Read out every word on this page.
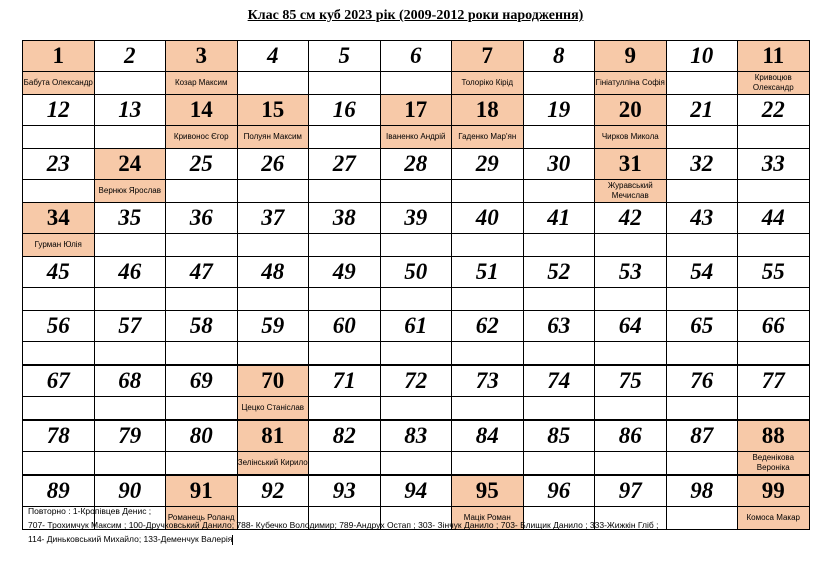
Клас 85 см куб 2023 рік (2009-2012 роки народження)
1	2	3	4	5	6	7	8	9	10	11
Бабута Олександр		Козар Максим				Толоріко Кірід		Гініатулліна Софія		Кривоцюв Олександр
12	13	14	15	16	17	18	19	20	21	22
		Кривонос Єгор	Полуян Максим		Іваненко Андрій	Гаденко Мар'ян		Чирков Микола		
23	24	25	26	27	28	29	30	31	32	33
	Вернюк Ярослав							Журавський Мечислав		
34	35	36	37	38	39	40	41	42	43	44
Гурман Юлія										
45	46	47	48	49	50	51	52	53	54	55

56	57	58	59	60	61	62	63	64	65	66

67	68	69	70	71	72	73	74	75	76	77
			Цецко Станіслав							
78	79	80	81	82	83	84	85	86	87	88
			Зелінський Кирило							Веденікова Вероніка
89	90	91	92	93	94	95	96	97	98	99
		Романець Роланд				Мацік Роман				Комоса Макар
Повторно : 1-Кропівцев Денис ;
707- Трохимчук Максим ; 100-Дручковський Данило; 788- Кубечко Володимир; 789-Андрух Остап ; 303- Зінчук Данило ; 703- Блищик Данило ; 333-Жижкін Гліб ;
114- Диньковський Михайло; 133-Деменчук Валерія
